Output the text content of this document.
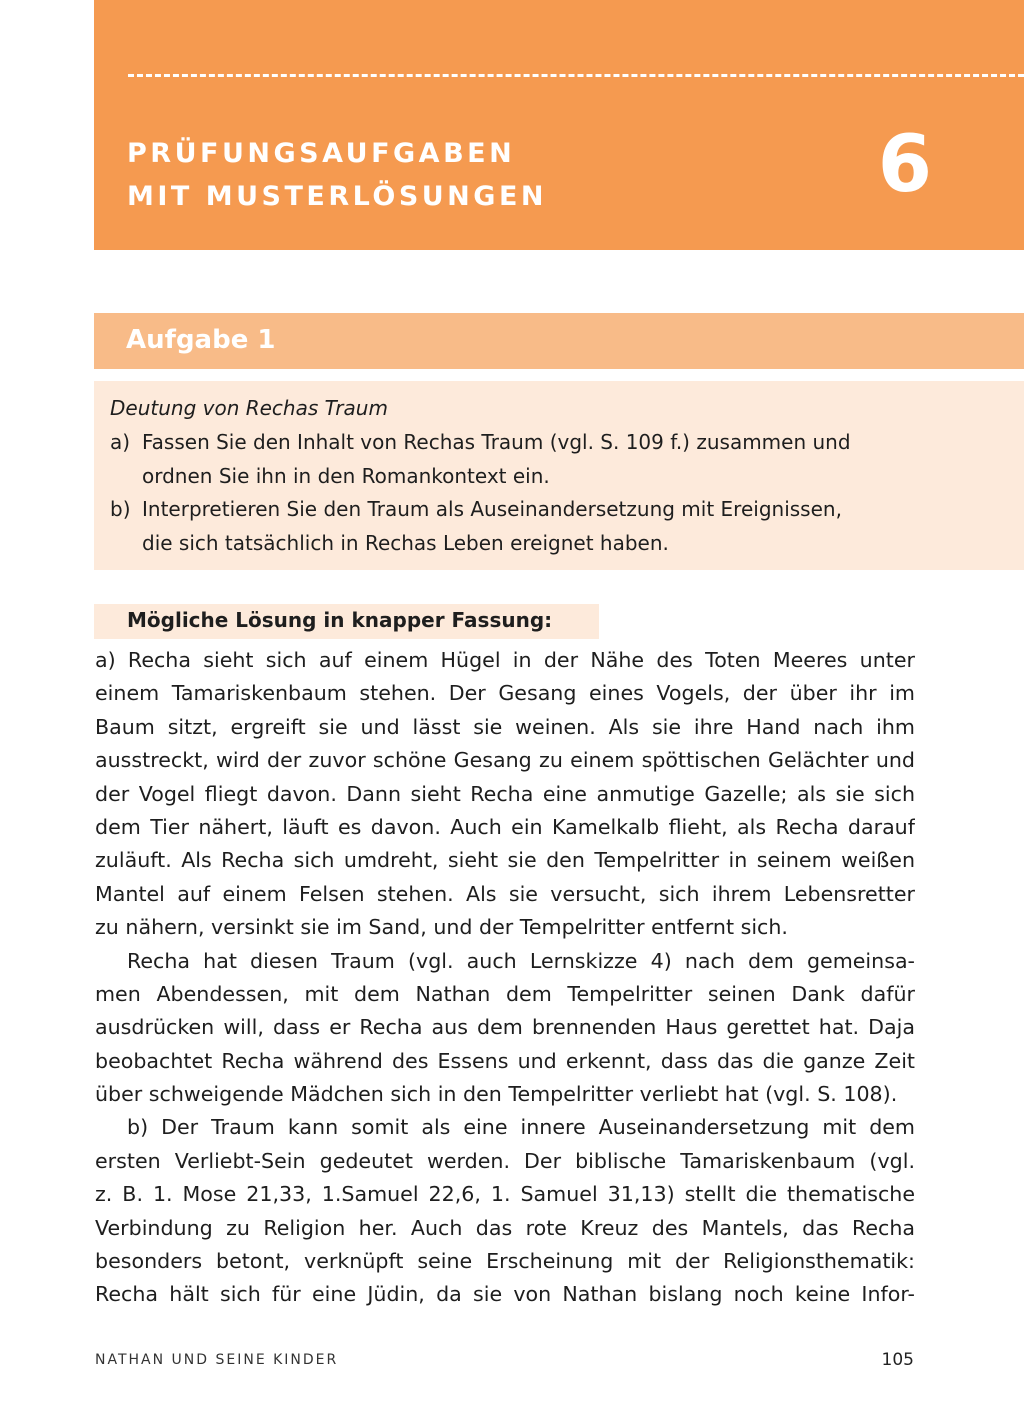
PRÜFUNGSAUFGABEN
MIT MUSTERLÖSUNGEN	6
Aufgabe 1
Deutung von Rechas Traum
a) Fassen Sie den Inhalt von Rechas Traum (vgl. S. 109 f.) zusammen und
ordnen Sie ihn in den Romankontext ein.
b) Interpretieren Sie den Traum als Auseinandersetzung mit Ereignissen,
die sich tatsächlich in Rechas Leben ereignet haben.
Mögliche Lösung in knapper Fassung:
a) Recha sieht sich auf einem Hügel in der Nähe des Toten Meeres unter
einem Tamariskenbaum stehen. Der Gesang eines Vogels, der über ihr im
Baum sitzt, ergreift sie und lässt sie weinen. Als sie ihre Hand nach ihm
ausstreckt, wird der zuvor schöne Gesang zu einem spöttischen Gelächter und
der Vogel fliegt davon. Dann sieht Recha eine anmutige Gazelle; als sie sich
dem Tier nähert, läuft es davon. Auch ein Kamelkalb flieht, als Recha darauf
zuläuft. Als Recha sich umdreht, sieht sie den Tempelritter in seinem weißen
Mantel auf einem Felsen stehen. Als sie versucht, sich ihrem Lebensretter
zu nähern, versinkt sie im Sand, und der Tempelritter entfernt sich.
Recha hat diesen Traum (vgl. auch Lernskizze 4) nach dem gemeinsa-
men Abendessen, mit dem Nathan dem Tempelritter seinen Dank dafür
ausdrücken will, dass er Recha aus dem brennenden Haus gerettet hat. Daja
beobachtet Recha während des Essens und erkennt, dass das die ganze Zeit
über schweigende Mädchen sich in den Tempelritter verliebt hat (vgl. S. 108).
b) Der Traum kann somit als eine innere Auseinandersetzung mit dem
ersten Verliebt-Sein gedeutet werden. Der biblische Tamariskenbaum (vgl.
z. B. 1. Mose 21,33, 1.Samuel 22,6, 1. Samuel 31,13) stellt die thematische
Verbindung zu Religion her. Auch das rote Kreuz des Mantels, das Recha
besonders betont, verknüpft seine Erscheinung mit der Religionsthematik:
Recha hält sich für eine Jüdin, da sie von Nathan bislang noch keine Infor-
NATHAN UND SEINE KINDER	105
